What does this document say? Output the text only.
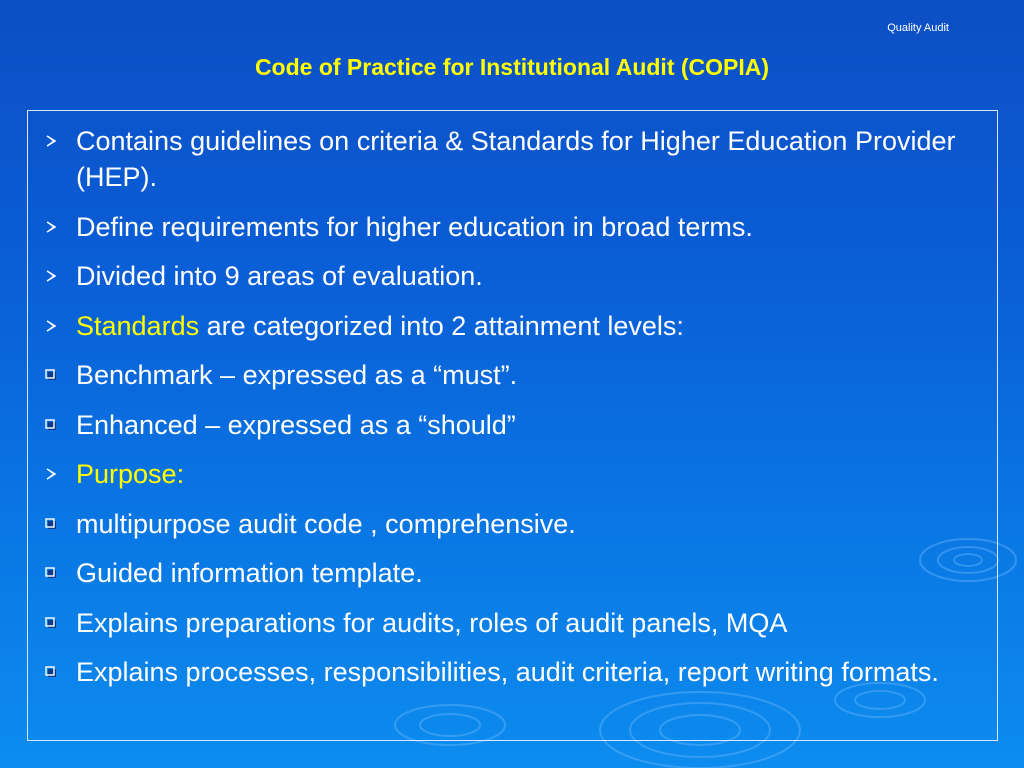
Quality Audit
Code of Practice for Institutional Audit (COPIA)
Contains guidelines on criteria & Standards for Higher Education Provider (HEP).
Define requirements for higher education in broad terms.
Divided into 9 areas of evaluation.
Standards are categorized into 2 attainment levels:
Benchmark – expressed as a “must”.
Enhanced – expressed as a “should”
Purpose:
multipurpose audit code , comprehensive.
Guided information template.
Explains preparations for audits, roles of audit panels, MQA
Explains processes, responsibilities, audit criteria, report writing formats.
